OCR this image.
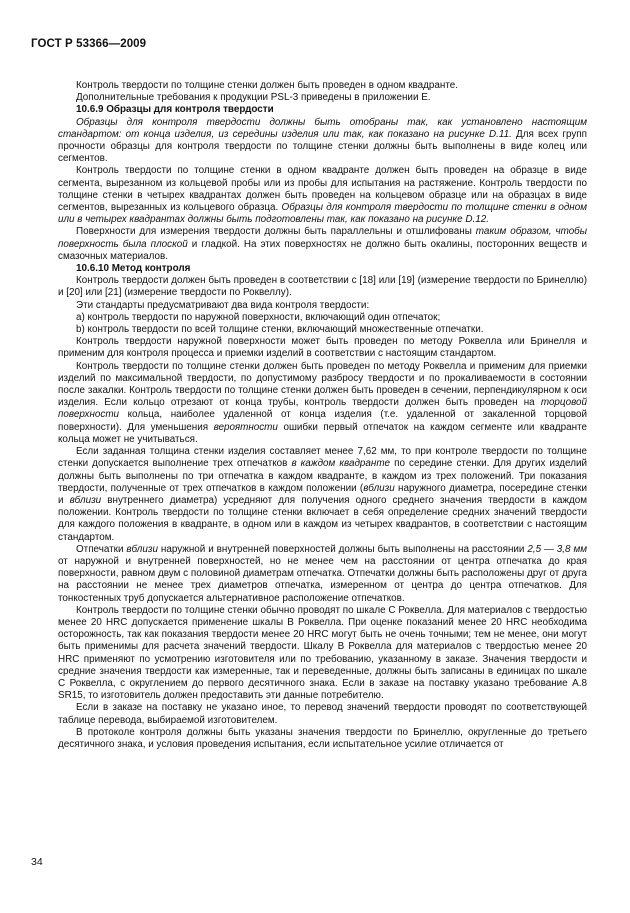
ГОСТ Р 53366—2009

Контроль твердости по толщине стенки должен быть проведен в одном квадранте.

Дополнительные требования к продукции PSL-3 приведены в приложении Е.

10.6.9 Образцы для контроля твердости

Образцы для контроля твердости должны быть отобраны так, как установлено настоящим стандартом: от конца изделия, из середины изделия или так, как показано на рисунке D.11. Для всех групп прочности образцы для контроля твердости по толщине стенки должны быть выполнены в виде колец или сегментов.

Контроль твердости по толщине стенки в одном квадранте должен быть проведен на образце в виде сегмента, вырезанном из кольцевой пробы или из пробы для испытания на растяжение. Контроль твердости по толщине стенки в четырех квадрантах должен быть проведен на кольцевом образце или на образцах в виде сегментов, вырезанных из кольцевого образца. Образцы для контроля твердости по толщине стенки в одном или в четырех квадрантах должны быть подготовлены так, как показано на рисунке D.12.

Поверхности для измерения твердости должны быть параллельны и отшлифованы таким образом, чтобы поверхность была плоской и гладкой. На этих поверхностях не должно быть окалины, посторонних веществ и смазочных материалов.

10.6.10 Метод контроля

Контроль твердости должен быть проведен в соответствии с [18] или [19] (измерение твердости по Бринеллю) и [20] или [21] (измерение твердости по Роквеллу).

Эти стандарты предусматривают два вида контроля твердости:

а) контроль твердости по наружной поверхности, включающий один отпечаток;

b) контроль твердости по всей толщине стенки, включающий множественные отпечатки.

Контроль твердости наружной поверхности может быть проведен по методу Роквелла или Бринелля и применим для контроля процесса и приемки изделий в соответствии с настоящим стандартом.

Контроль твердости по толщине стенки должен быть проведен по методу Роквелла и применим для приемки изделий по максимальной твердости, по допустимому разбросу твердости и по прокаливаемости в состоянии после закалки. Контроль твердости по толщине стенки должен быть проведен в сечении, перпендикулярном к оси изделия. Если кольцо отрезают от конца трубы, контроль твердости должен быть проведен на торцовой поверхности кольца, наиболее удаленной от конца изделия (т.е. удаленной от закаленной торцовой поверхности). Для уменьшения вероятности ошибки первый отпечаток на каждом сегменте или квадранте кольца может не учитываться.

Если заданная толщина стенки изделия составляет менее 7,62 мм, то при контроле твердости по толщине стенки допускается выполнение трех отпечатков в каждом квадранте по середине стенки. Для других изделий должны быть выполнены по три отпечатка в каждом квадранте, в каждом из трех положений. Три показания твердости, полученные от трех отпечатков в каждом положении (вблизи наружного диаметра, посередине стенки и вблизи внутреннего диаметра) усредняют для получения одного среднего значения твердости в каждом положении. Контроль твердости по толщине стенки включает в себя определение средних значений твердости для каждого положения в квадранте, в одном или в каждом из четырех квадрантов, в соответствии с настоящим стандартом.

Отпечатки вблизи наружной и внутренней поверхностей должны быть выполнены на расстоянии 2,5 — 3,8 мм от наружной и внутренней поверхностей, но не менее чем на расстоянии от центра отпечатка до края поверхности, равном двум с половиной диаметрам отпечатка. Отпечатки должны быть расположены друг от друга на расстоянии не менее трех диаметров отпечатка, измеренном от центра до центра отпечатков. Для тонкостенных труб допускается альтернативное расположение отпечатков.

Контроль твердости по толщине стенки обычно проводят по шкале С Роквелла. Для материалов с твердостью менее 20 HRC допускается применение шкалы В Роквелла. При оценке показаний менее 20 HRC необходима осторожность, так как показания твердости менее 20 HRC могут быть не очень точными; тем не менее, они могут быть применимы для расчета значений твердости. Шкалу В Роквелла для материалов с твердостью менее 20 HRC применяют по усмотрению изготовителя или по требованию, указанному в заказе. Значения твердости и средние значения твердости как измеренные, так и переведенные, должны быть записаны в единицах по шкале С Роквелла, с округлением до первого десятичного знака. Если в заказе на поставку указано требование А.8 SR15, то изготовитель должен предоставить эти данные потребителю.

Если в заказе на поставку не указано иное, то перевод значений твердости проводят по соответствующей таблице перевода, выбираемой изготовителем.

В протоколе контроля должны быть указаны значения твердости по Бринеллю, округленные до третьего десятичного знака, и условия проведения испытания, если испытательное усилие отличается от

34
